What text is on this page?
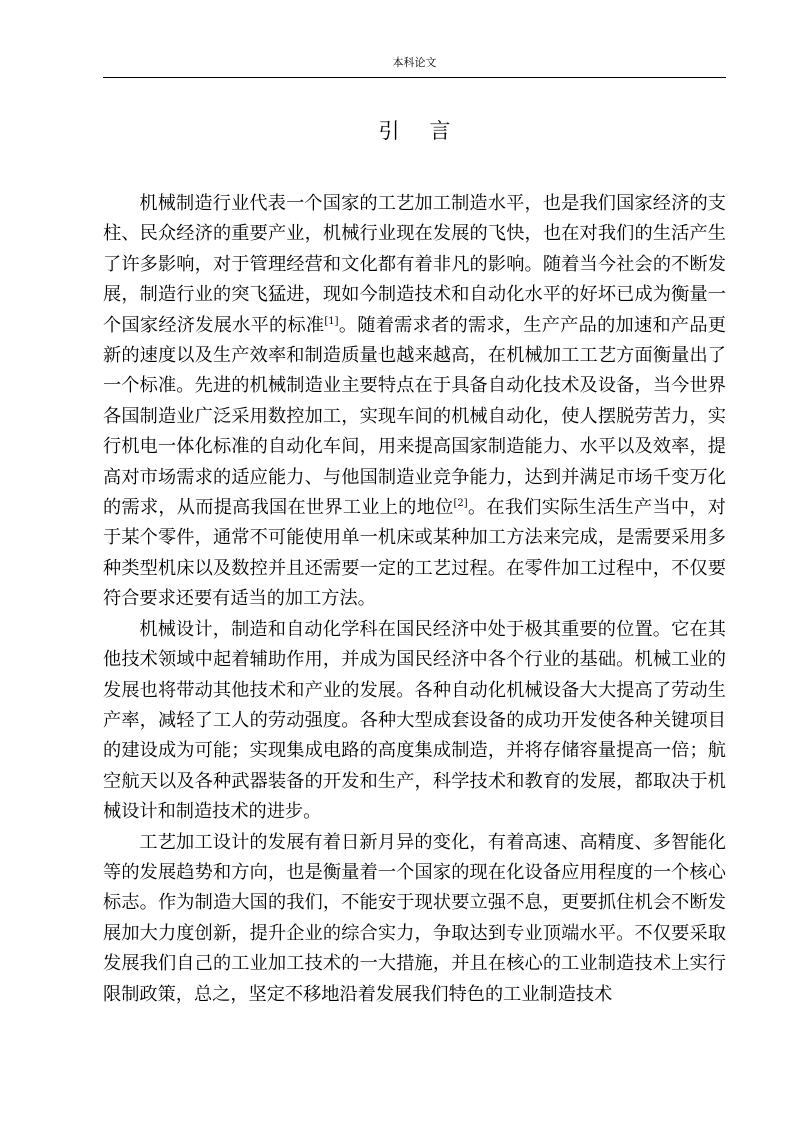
本科论文
引言

机械制造行业代表一个国家的工艺加工制造水平，也是我们国家经济的支柱、民众经济的重要产业，机械行业现在发展的飞快，也在对我们的生活产生了许多影响，对于管理经营和文化都有着非凡的影响。随着当今社会的不断发展，制造行业的突飞猛进，现如今制造技术和自动化水平的好坏已成为衡量一个国家经济发展水平的标准[1]。随着需求者的需求，生产产品的加速和产品更新的速度以及生产效率和制造质量也越来越高，在机械加工工艺方面衡量出了一个标准。先进的机械制造业主要特点在于具备自动化技术及设备，当今世界各国制造业广泛采用数控加工，实现车间的机械自动化，使人摆脱劳苦力，实行机电一体化标准的自动化车间，用来提高国家制造能力、水平以及效率，提高对市场需求的适应能力、与他国制造业竞争能力，达到并满足市场千变万化的需求，从而提高我国在世界工业上的地位[2]。在我们实际生活生产当中，对于某个零件，通常不可能使用单一机床或某种加工方法来完成，是需要采用多种类型机床以及数控并且还需要一定的工艺过程。在零件加工过程中，不仅要符合要求还要有适当的加工方法。

机械设计，制造和自动化学科在国民经济中处于极其重要的位置。它在其他技术领域中起着辅助作用，并成为国民经济中各个行业的基础。机械工业的发展也将带动其他技术和产业的发展。各种自动化机械设备大大提高了劳动生产率，减轻了工人的劳动强度。各种大型成套设备的成功开发使各种关键项目的建设成为可能；实现集成电路的高度集成制造，并将存储容量提高一倍；航空航天以及各种武器装备的开发和生产，科学技术和教育的发展，都取决于机械设计和制造技术的进步。

工艺加工设计的发展有着日新月异的变化，有着高速、高精度、多智能化等的发展趋势和方向，也是衡量着一个国家的现在化设备应用程度的一个核心标志。作为制造大国的我们，不能安于现状要立强不息，更要抓住机会不断发展加大力度创新，提升企业的综合实力，争取达到专业顶端水平。不仅要采取发展我们自己的工业加工技术的一大措施，并且在核心的工业制造技术上实行限制政策，总之，坚定不移地沿着发展我们特色的工业制造技术
